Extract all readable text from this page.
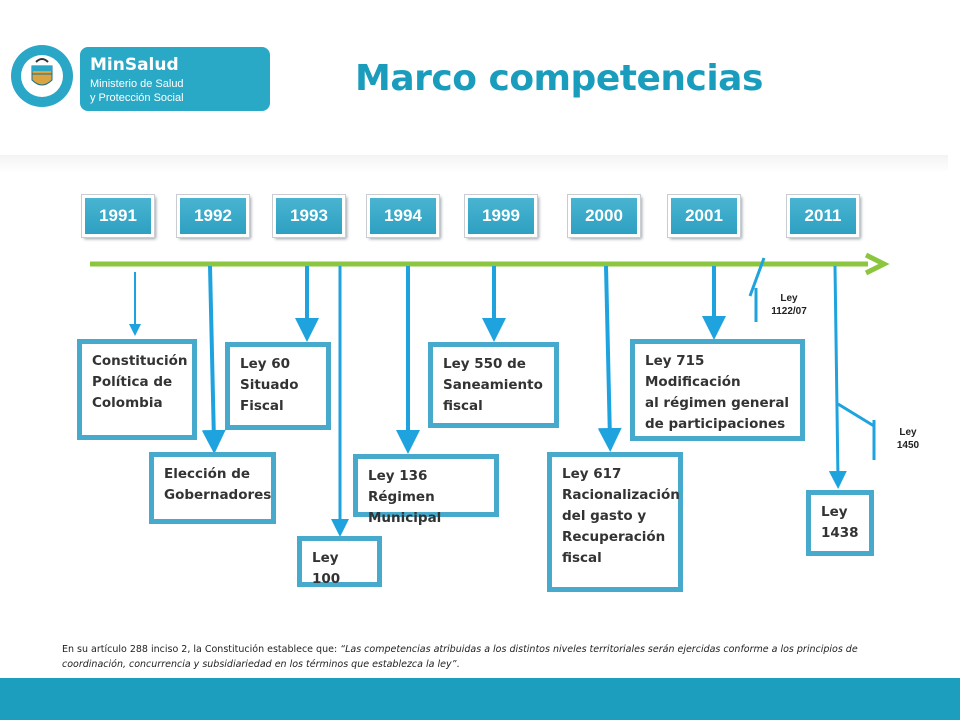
MinSalud
Ministerio de Salud
y Protección Social	Marco competencias
1991	1992	1993	1994	1999	2000	2001	2011
Constitución
Política de
Colombia
Elección de
Gobernadores
Ley 60
Situado
Fiscal
Ley 100
Ley 136 Régimen
Municipal
Ley 550 de
Saneamiento
fiscal
Ley 617
Racionalización
del gasto y
Recuperación
fiscal
Ley 715 Modificación
al régimen general
de participaciones
Ley
1438
Ley
1122/07
Ley
1450
En su artículo 288 inciso 2, la Constitución establece que: “Las competencias atribuidas a los distintos niveles territoriales serán ejercidas conforme a los principios de coordinación, concurrencia y subsidiariedad en los términos que establezca la ley”.
